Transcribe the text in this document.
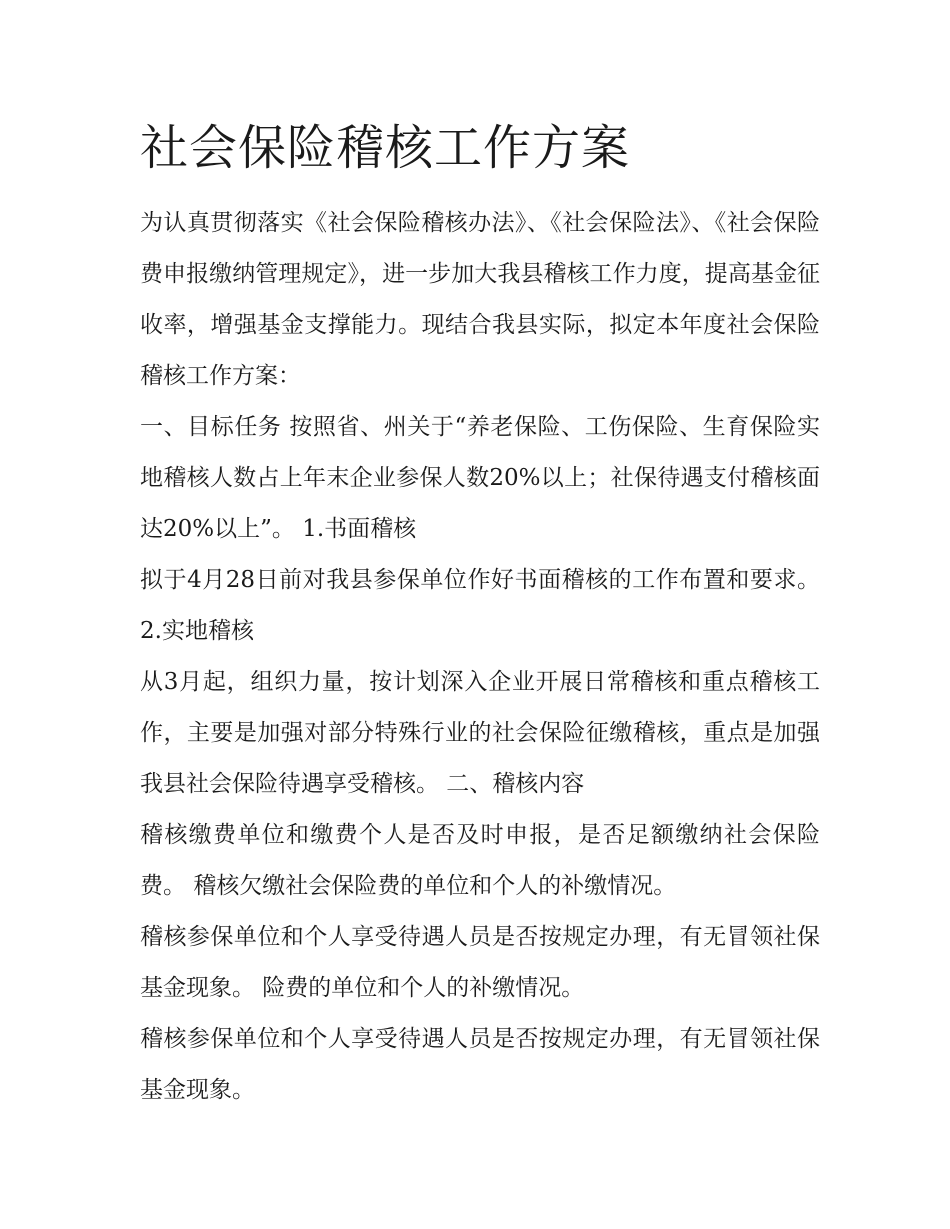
社会保险稽核工作方案

为认真贯彻落实《社会保险稽核办法》、《社会保险法》、《社会保险费申报缴纳管理规定》，进一步加大我县稽核工作力度，提高基金征收率，增强基金支撑能力。现结合我县实际，拟定本年度社会保险稽核工作方案：

一、目标任务 按照省、州关于“养老保险、工伤保险、生育保险实地稽核人数占上年末企业参保人数20%以上；社保待遇支付稽核面达20%以上”。 1.书面稽核

拟于4月28日前对我县参保单位作好书面稽核的工作布置和要求。 2.实地稽核

从3月起，组织力量，按计划深入企业开展日常稽核和重点稽核工作，主要是加强对部分特殊行业的社会保险征缴稽核，重点是加强我县社会保险待遇享受稽核。 二、稽核内容

稽核缴费单位和缴费个人是否及时申报，是否足额缴纳社会保险费。 稽核欠缴社会保险费的单位和个人的补缴情况。

稽核参保单位和个人享受待遇人员是否按规定办理，有无冒领社保基金现象。 险费的单位和个人的补缴情况。

稽核参保单位和个人享受待遇人员是否按规定办理，有无冒领社保基金现象。
